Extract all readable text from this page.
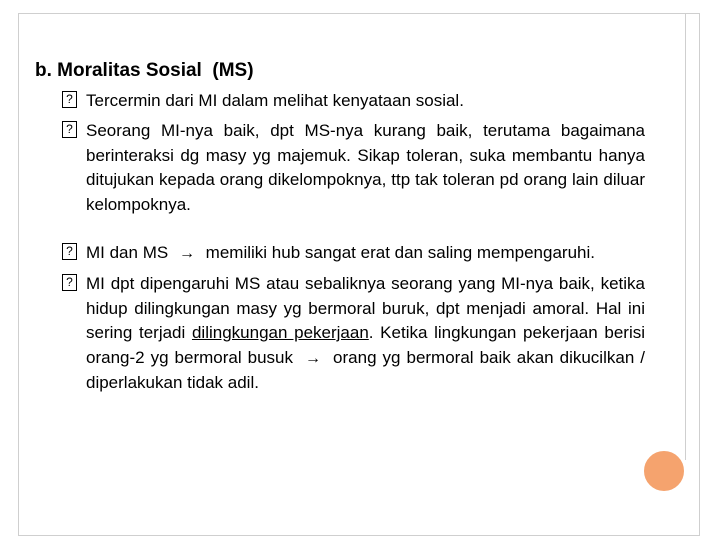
b. Moralitas Sosial  (MS)

?
Tercermin dari MI dalam melihat kenyataan sosial.

?
Seorang MI-nya baik, dpt MS-nya kurang baik, terutama bagaimana berinteraksi dg masy yg majemuk. Sikap toleran, suka membantu hanya ditujukan kepada orang dikelompoknya, ttp tak toleran pd orang lain diluar kelompoknya.

?
MI dan MS → memiliki hub sangat erat dan saling mempengaruhi.

?
MI dpt dipengaruhi MS atau sebaliknya seorang yang MI-nya baik, ketika hidup dilingkungan masy yg bermoral buruk, dpt menjadi amoral. Hal ini sering terjadi dilingkungan pekerjaan. Ketika lingkungan pekerjaan berisi orang-2 yg bermoral busuk → orang yg bermoral baik akan dikucilkan / diperlakukan tidak adil.
